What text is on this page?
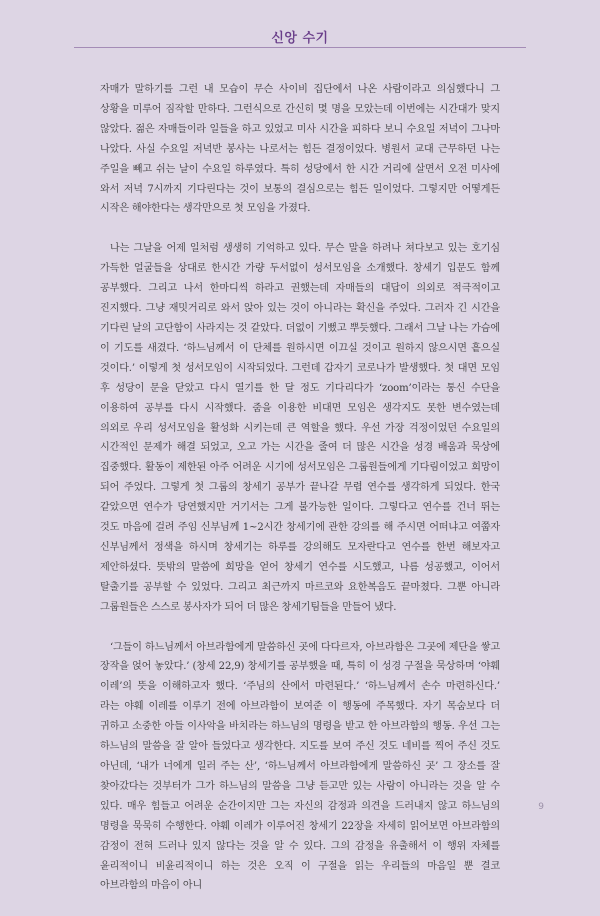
신앙 수기

자매가 말하기를 그런 내 모습이 무슨 사이비 집단에서 나온 사람이라고 의심했다니 그 상황을 미루어 짐작할 만하다. 그런식으로 간신히 몇 명을 모았는데 이번에는 시간대가 맞지 않았다. 젊은 자매들이라 일들을 하고 있었고 미사 시간을 피하다 보니 수요일 저녁이 그나마 나았다. 사실 수요일 저녁반 봉사는 나로서는 힘든 결정이었다. 병원서 교대 근무하던 나는 주일을 빼고 쉬는 날이 수요일 하루였다. 특히 성당에서 한 시간 거리에 살면서 오전 미사에 와서 저녁 7시까지 기다린다는 것이 보통의 결심으로는 힘든 일이었다. 그렇지만 어떻게든 시작은 해야한다는 생각만으로 첫 모임을 가졌다.

나는 그날을 어제 일처럼 생생히 기억하고 있다. 무슨 말을 하려나 쳐다보고 있는 호기심 가득한 얼굴들을 상대로 한시간 가량 두서없이 성서모임을 소개했다. 창세기 입문도 함께 공부했다. 그리고 나서 한마디씩 하라고 권했는데 자매들의 대답이 의외로 적극적이고 진지했다. 그냥 재밋거리로 와서 앉아 있는 것이 아니라는 확신을 주었다. 그러자 긴 시간을 기다린 날의 고단함이 사라지는 것 같았다. 더없이 기뻤고 뿌듯했다. 그래서 그날 나는 가슴에 이 기도를 새겼다. ‘하느님께서 이 단체를 원하시면 이끄실 것이고 원하지 않으시면 흩으실 것이다.’ 이렇게 첫 성서모임이 시작되었다. 그런데 갑자기 코로나가 발생했다. 첫 대면 모임 후 성당이 문을 닫았고 다시 열기를 한 달 정도 기다리다가 ‘zoom’이라는 통신 수단을 이용하여 공부를 다시 시작했다. 줌을 이용한 비대면 모임은 생각지도 못한 변수였는데 의외로 우리 성서모임을 활성화 시키는데 큰 역할을 했다. 우선 가장 걱정이었던 수요일의 시간적인 문제가 해결 되었고, 오고 가는 시간을 줄여 더 많은 시간을 성경 배움과 묵상에 집중했다. 활동이 제한된 아주 어려운 시기에 성서모임은 그룹원들에게 기다림이었고 희망이 되어 주었다. 그렇게 첫 그룹의 창세기 공부가 끝나갈 무렵 연수를 생각하게 되었다. 한국 같았으면 연수가 당연했지만 거기서는 그게 불가능한 일이다. 그렇다고 연수를 건너 뛰는 것도 마음에 걸려 주임 신부님께 1~2시간 창세기에 관한 강의를 해 주시면 어떠냐고 여쭙자 신부님께서 정색을 하시며 창세기는 하루를 강의해도 모자란다고 연수를 한번 해보자고 제안하셨다. 뜻밖의 말씀에 희망을 얻어 창세기 연수를 시도했고, 나름 성공했고, 이어서 탈출기를 공부할 수 있었다. 그리고 최근까지 마르코와 요한복음도 끝마쳤다. 그뿐 아니라 그룹원들은 스스로 봉사자가 되어 더 많은 창세기팀들을 만들어 냈다.

‘그들이 하느님께서 아브라함에게 말씀하신 곳에 다다르자, 아브라함은 그곳에 제단을 쌓고 장작을 얹어 놓았다.’ (창세 22,9) 창세기를 공부했을 때, 특히 이 성경 구절을 묵상하며 ‘야훼 이레’의 뜻을 이해하고자 했다. ‘주님의 산에서 마련된다.’ ‘하느님께서 손수 마련하신다.’ 라는 야훼 이레를 이루기 전에 아브라함이 보여준 이 행동에 주목했다. 자기 목숨보다 더 귀하고 소중한 아들 이사악을 바치라는 하느님의 명령을 받고 한 아브라함의 행동. 우선 그는 하느님의 말씀을 잘 알아 들었다고 생각한다. 지도를 보여 주신 것도 네비를 찍어 주신 것도 아닌데, ‘내가 너에게 일러 주는 산’, ‘하느님께서 아브라함에게 말씀하신 곳’ 그 장소를 잘 찾아갔다는 것부터가 그가 하느님의 말씀을 그냥 듣고만 있는 사람이 아니라는 것을 알 수 있다. 매우 힘들고 어려운 순간이지만 그는 자신의 감정과 의견을 드러내지 않고 하느님의 명령을 묵묵히 수행한다. 야훼 이레가 이루어진 창세기 22장을 자세히 읽어보면 아브라함의 감정이 전혀 드러나 있지 않다는 것을 알 수 있다. 그의 감정을 유출해서 이 행위 자체를 윤리적이니 비윤리적이니 하는 것은 오직 이 구절을 읽는 우리들의 마음일 뿐 결코 아브라함의 마음이 아니

9
